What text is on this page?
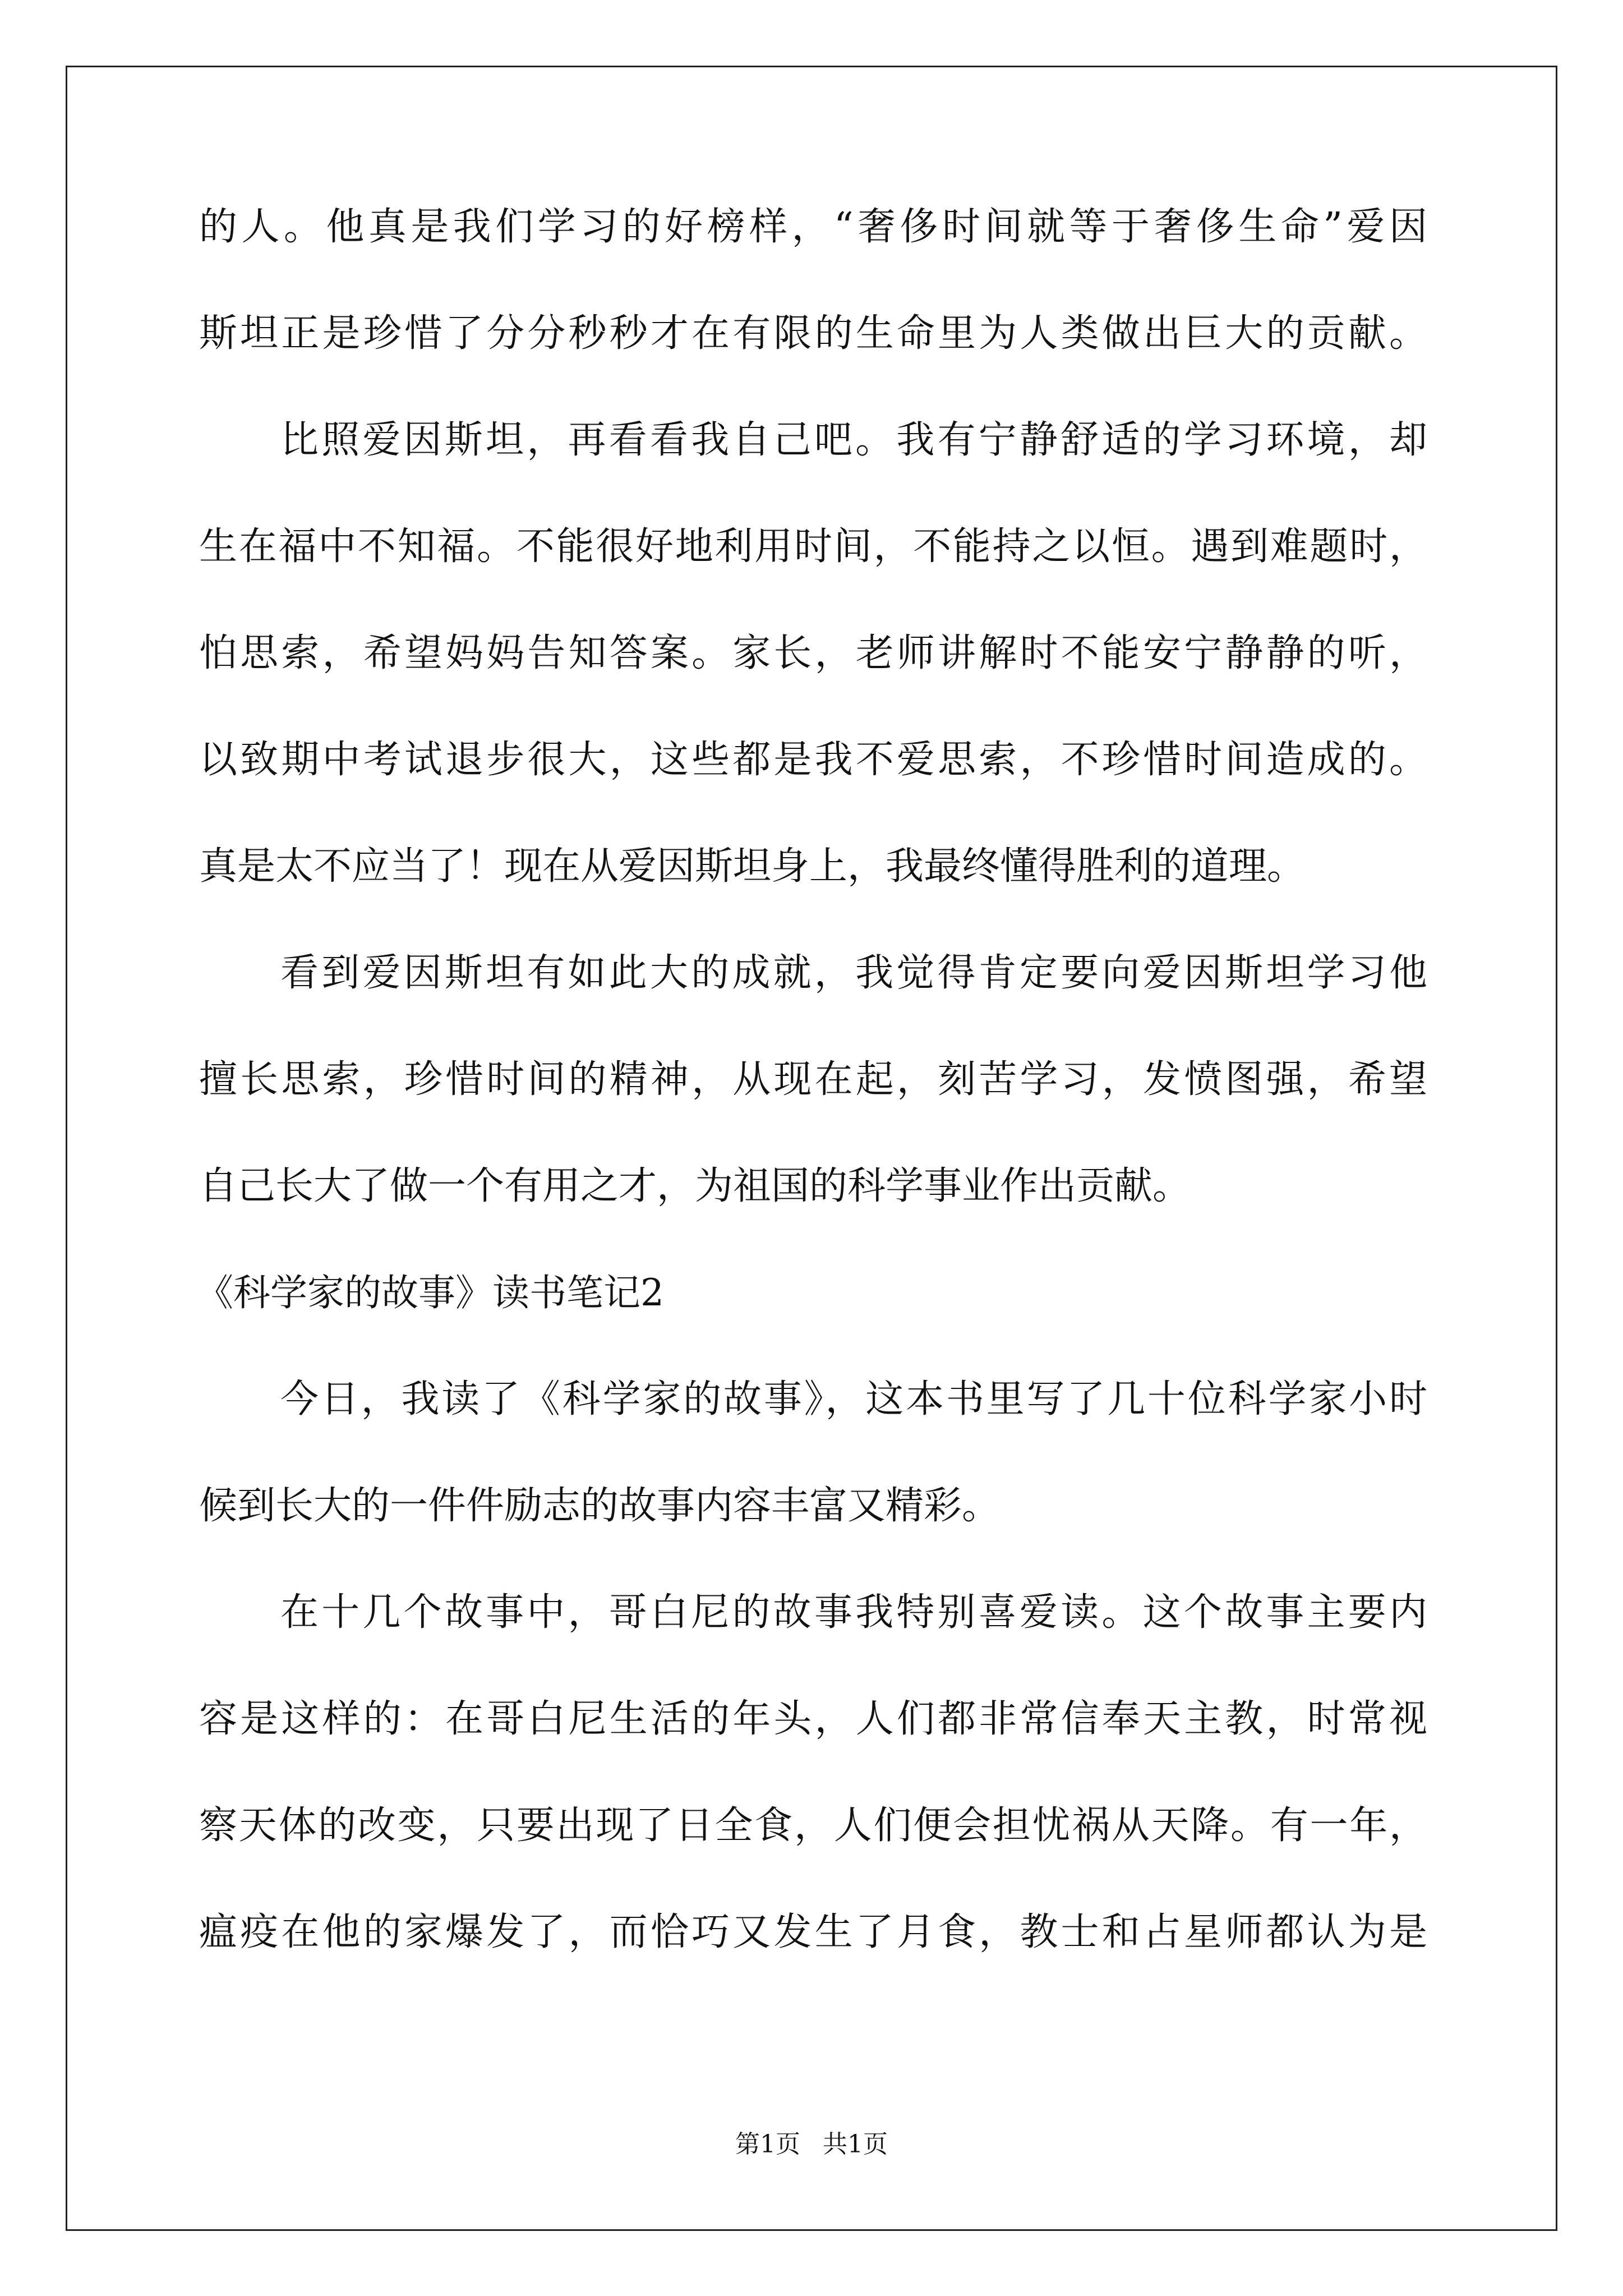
的人。他真是我们学习的好榜样，“奢侈时间就等于奢侈生命”爱因
斯坦正是珍惜了分分秒秒才在有限的生命里为人类做出巨大的贡献。
比照爱因斯坦，再看看我自己吧。我有宁静舒适的学习环境，却
生在福中不知福。不能很好地利用时间，不能持之以恒。遇到难题时，
怕思索，希望妈妈告知答案。家长，老师讲解时不能安宁静静的听，
以致期中考试退步很大，这些都是我不爱思索，不珍惜时间造成的。
真是太不应当了！现在从爱因斯坦身上，我最终懂得胜利的道理。
看到爱因斯坦有如此大的成就，我觉得肯定要向爱因斯坦学习他
擅长思索，珍惜时间的精神，从现在起，刻苦学习，发愤图强，希望
自己长大了做一个有用之才，为祖国的科学事业作出贡献。
《科学家的故事》读书笔记2
今日，我读了《科学家的故事》，这本书里写了几十位科学家小时
候到长大的一件件励志的故事内容丰富又精彩。
在十几个故事中，哥白尼的故事我特别喜爱读。这个故事主要内
容是这样的：在哥白尼生活的年头，人们都非常信奉天主教，时常视
察天体的改变，只要出现了日全食，人们便会担忧祸从天降。有一年，
瘟疫在他的家爆发了，而恰巧又发生了月食，教士和占星师都认为是
第1页 共1页
